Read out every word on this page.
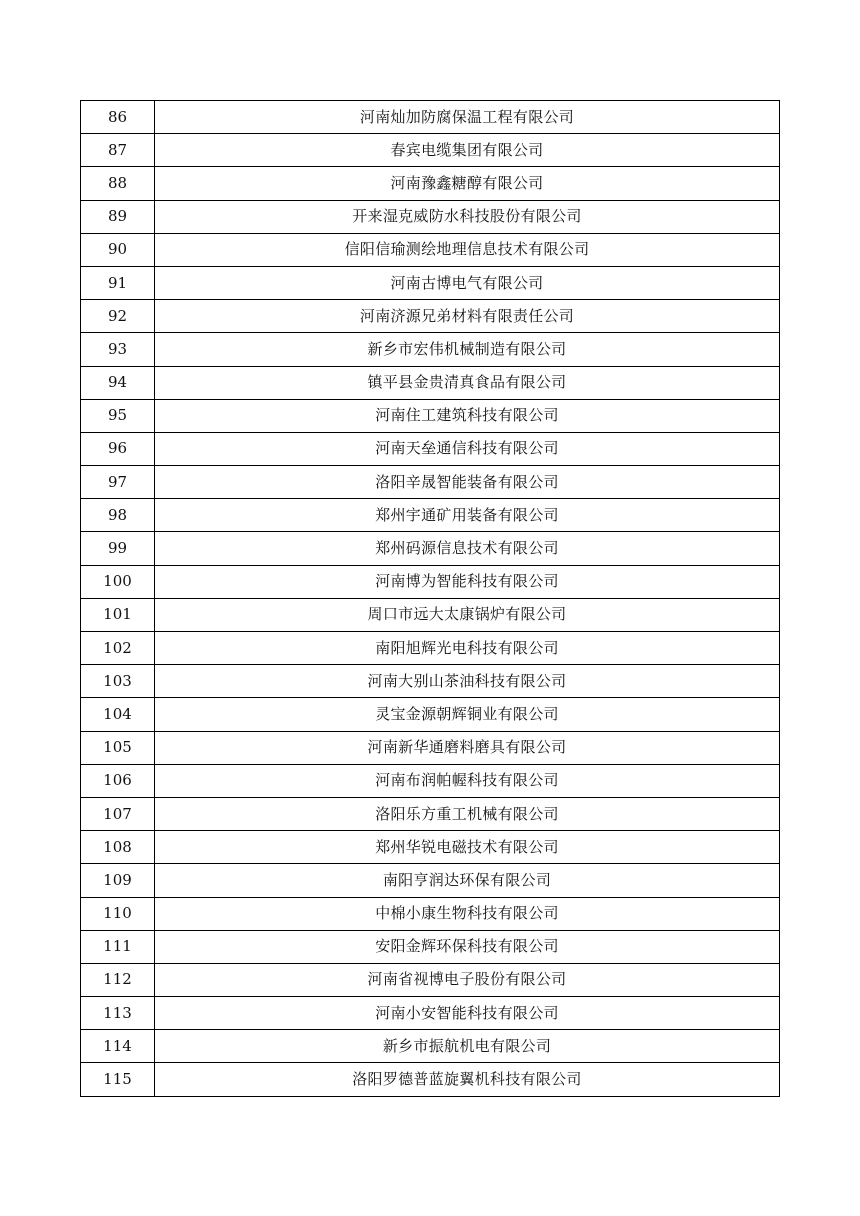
86	河南灿加防腐保温工程有限公司
87	春宾电缆集团有限公司
88	河南豫鑫糖醇有限公司
89	开来湿克威防水科技股份有限公司
90	信阳信瑜测绘地理信息技术有限公司
91	河南古博电气有限公司
92	河南济源兄弟材料有限责任公司
93	新乡市宏伟机械制造有限公司
94	镇平县金贵清真食品有限公司
95	河南住工建筑科技有限公司
96	河南天垒通信科技有限公司
97	洛阳辛晟智能装备有限公司
98	郑州宇通矿用装备有限公司
99	郑州码源信息技术有限公司
100	河南博为智能科技有限公司
101	周口市远大太康锅炉有限公司
102	南阳旭辉光电科技有限公司
103	河南大别山茶油科技有限公司
104	灵宝金源朝辉铜业有限公司
105	河南新华通磨料磨具有限公司
106	河南布润帕幄科技有限公司
107	洛阳乐方重工机械有限公司
108	郑州华锐电磁技术有限公司
109	南阳亨润达环保有限公司
110	中棉小康生物科技有限公司
111	安阳金辉环保科技有限公司
112	河南省视博电子股份有限公司
113	河南小安智能科技有限公司
114	新乡市振航机电有限公司
115	洛阳罗德普蓝旋翼机科技有限公司
